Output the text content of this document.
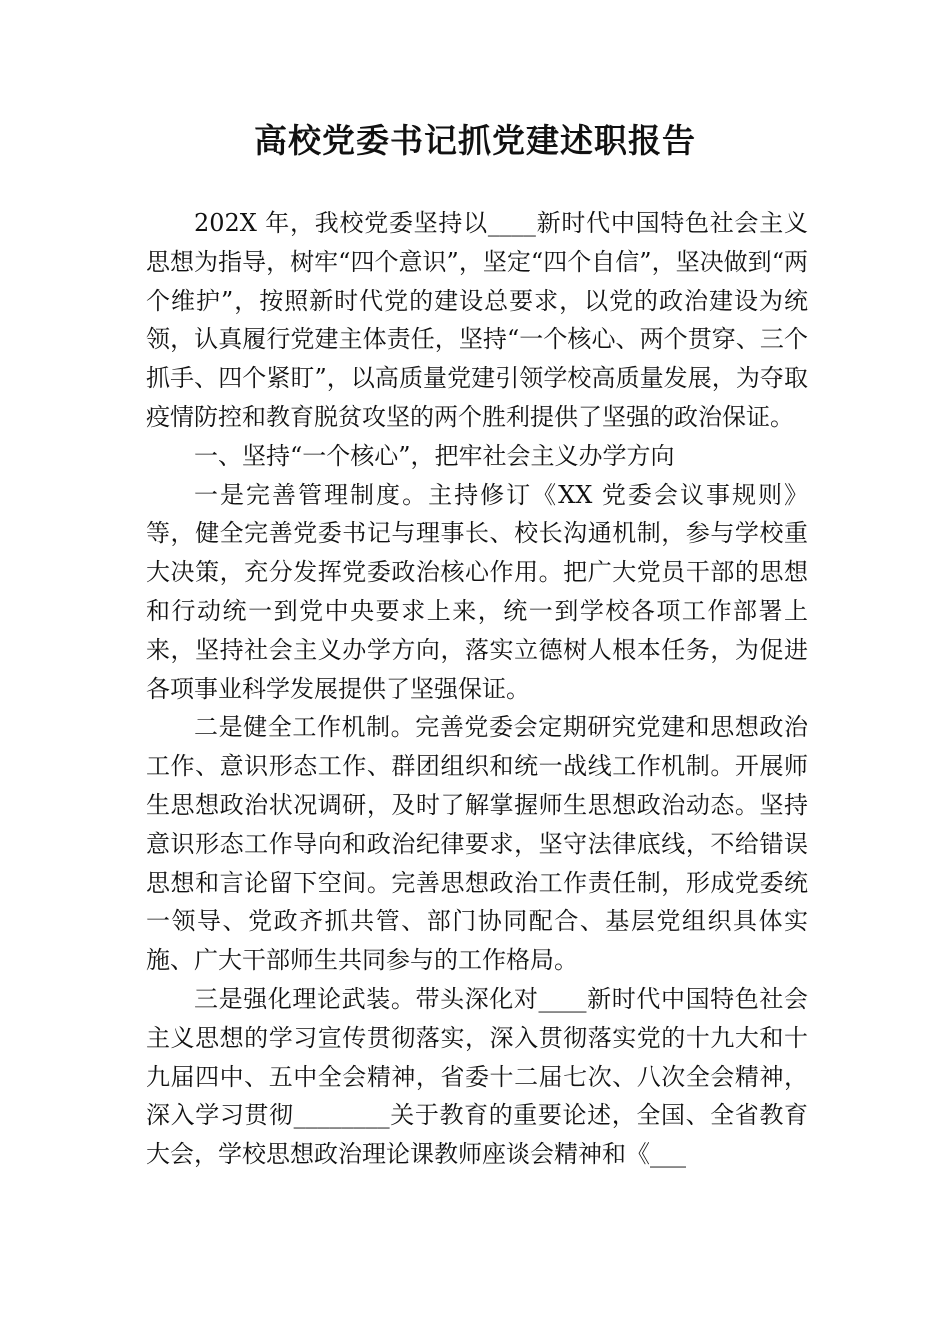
高校党委书记抓党建述职报告

202X 年，我校党委坚持以____新时代中国特色社会主义思想为指导，树牢“四个意识”，坚定“四个自信”，坚决做到“两个维护”，按照新时代党的建设总要求，以党的政治建设为统领，认真履行党建主体责任，坚持“一个核心、两个贯穿、三个抓手、四个紧盯”，以高质量党建引领学校高质量发展，为夺取疫情防控和教育脱贫攻坚的两个胜利提供了坚强的政治保证。

一、坚持“一个核心”，把牢社会主义办学方向

一是完善管理制度。主持修订《XX 党委会议事规则》等，健全完善党委书记与理事长、校长沟通机制，参与学校重大决策，充分发挥党委政治核心作用。把广大党员干部的思想和行动统一到党中央要求上来，统一到学校各项工作部署上来，坚持社会主义办学方向，落实立德树人根本任务，为促进各项事业科学发展提供了坚强保证。

二是健全工作机制。完善党委会定期研究党建和思想政治工作、意识形态工作、群团组织和统一战线工作机制。开展师生思想政治状况调研，及时了解掌握师生思想政治动态。坚持意识形态工作导向和政治纪律要求，坚守法律底线，不给错误思想和言论留下空间。完善思想政治工作责任制，形成党委统一领导、党政齐抓共管、部门协同配合、基层党组织具体实施、广大干部师生共同参与的工作格局。

三是强化理论武装。带头深化对____新时代中国特色社会主义思想的学习宣传贯彻落实，深入贯彻落实党的十九大和十九届四中、五中全会精神，省委十二届七次、八次全会精神，深入学习贯彻________关于教育的重要论述，全国、全省教育大会，学校思想政治理论课教师座谈会精神和《___
